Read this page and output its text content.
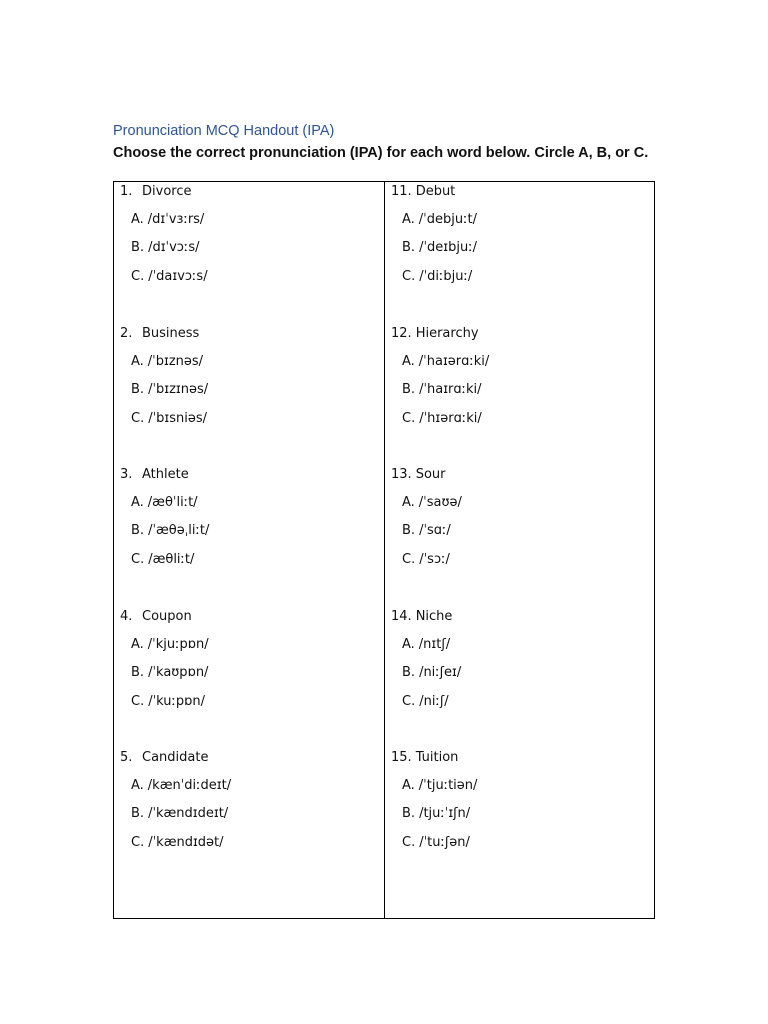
Pronunciation MCQ Handout (IPA)
Choose the correct pronunciation (IPA) for each word below. Circle A, B, or C.
1. Divorce
A. /dɪˈvɜːrs/
B. /dɪˈvɔːs/
C. /ˈdaɪvɔːs/
2. Business
A. /ˈbɪznəs/
B. /ˈbɪzɪnəs/
C. /ˈbɪsniəs/
3. Athlete
A. /æθˈliːt/
B. /ˈæθəˌliːt/
C. /æθliːt/
4. Coupon
A. /ˈkjuːpɒn/
B. /ˈkaʊpɒn/
C. /ˈkuːpɒn/
5. Candidate
A. /kænˈdiːdeɪt/
B. /ˈkændɪdeɪt/
C. /ˈkændɪdət/
11. Debut
A. /ˈdebjuːt/
B. /ˈdeɪbjuː/
C. /ˈdiːbjuː/
12. Hierarchy
A. /ˈhaɪərɑːki/
B. /ˈhaɪrɑːki/
C. /ˈhɪərɑːki/
13. Sour
A. /ˈsaʊə/
B. /ˈsɑː/
C. /ˈsɔː/
14. Niche
A. /nɪtʃ/
B. /niːʃeɪ/
C. /niːʃ/
15. Tuition
A. /ˈtjuːtiən/
B. /tjuːˈɪʃn/
C. /ˈtuːʃən/
